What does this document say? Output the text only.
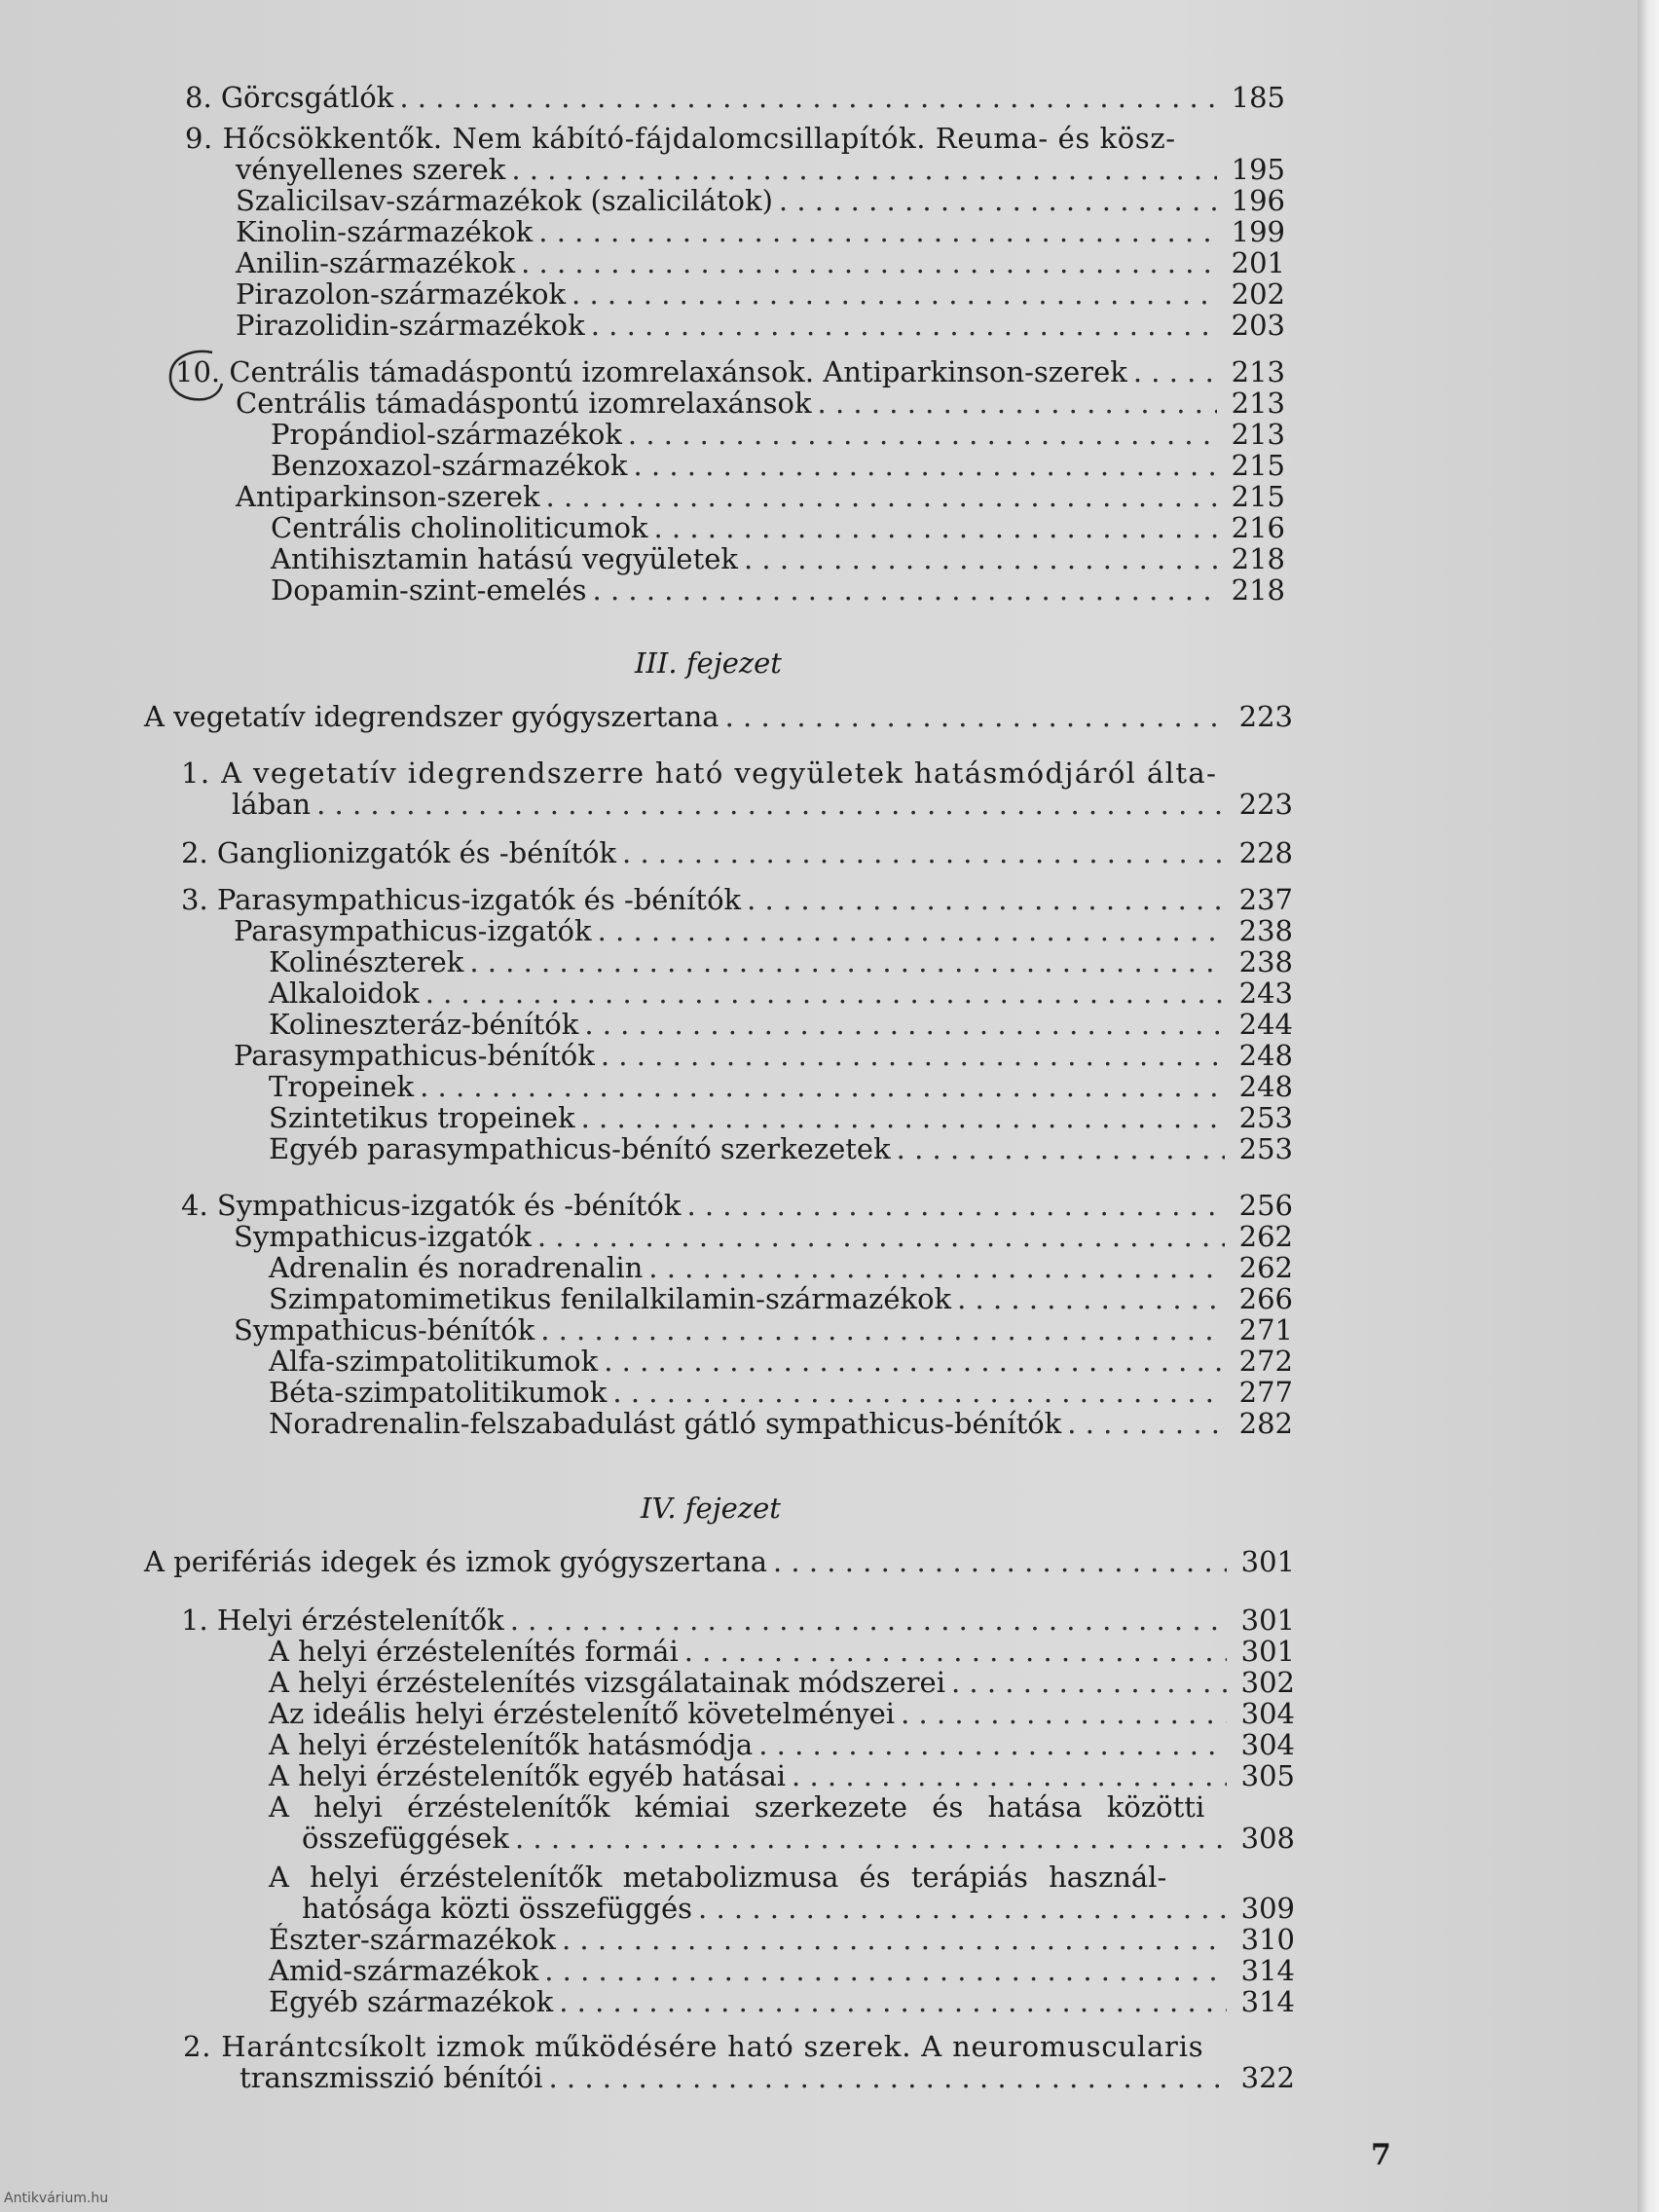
8. Görcsgátlók . . .	185
9. Hőcsökkentők. Nem kábító-fájdalomcsillapítók. Reuma- és kösz-
vényellenes szerek . . .	195
Szalicilsav-származékok (szalicilátok) . . .	196
Kinolin-származékok . . .	199
Anilin-származékok . . .	201
Pirazolon-származékok . . .	202
Pirazolidin-származékok . . .	203
10. Centrális támadáspontú izomrelaxánsok. Antiparkinson-szerek . . .	213
Centrális támadáspontú izomrelaxánsok . . .	213
Propándiol-származékok . . .	213
Benzoxazol-származékok . . .	215
Antiparkinson-szerek . . .	215
Centrális cholinoliticumok . . .	216
Antihisztamin hatású vegyületek . . .	218
Dopamin-szint-emelés . . .	218
III. fejezet
A vegetatív idegrendszer gyógyszertana . . .	223
1. A vegetatív idegrendszerre ható vegyületek hatásmódjáról álta-
lában . . .	223
2. Ganglionizgatók és -bénítók . . .	228
3. Parasympathicus-izgatók és -bénítók . . .	237
Parasympathicus-izgatók . . .	238
Kolinészterek . . .	238
Alkaloidok . . .	243
Kolineszteráz-bénítók . . .	244
Parasympathicus-bénítók . . .	248
Tropeinek . . .	248
Szintetikus tropeinek . . .	253
Egyéb parasympathicus-bénító szerkezetek . . .	253
4. Sympathicus-izgatók és -bénítók . . .	256
Sympathicus-izgatók . . .	262
Adrenalin és noradrenalin . . .	262
Szimpatomimetikus fenilalkilamin-származékok . . .	266
Sympathicus-bénítók . . .	271
Alfa-szimpatolitikumok . . .	272
Béta-szimpatolitikumok . . .	277
Noradrenalin-felszabadulást gátló sympathicus-bénítók . . .	282
IV. fejezet
A perifériás idegek és izmok gyógyszertana . . .	301
1. Helyi érzéstelenítők . . .	301
A helyi érzéstelenítés formái . . .	301
A helyi érzéstelenítés vizsgálatainak módszerei . . .	302
Az ideális helyi érzéstelenítő követelményei . . .	304
A helyi érzéstelenítők hatásmódja . . .	304
A helyi érzéstelenítők egyéb hatásai . . .	305
A helyi érzéstelenítők kémiai szerkezete és hatása közötti
összefüggések . . .	308
A helyi érzéstelenítők metabolizmusa és terápiás használ-
hatósága közti összefüggés . . .	309
Észter-származékok . . .	310
Amid-származékok . . .	314
Egyéb származékok . . .	314
2. Harántcsíkolt izmok működésére ható szerek. A neuromuscularis
transzmisszió bénítói . . .	322
7
Antikvárium.hu
